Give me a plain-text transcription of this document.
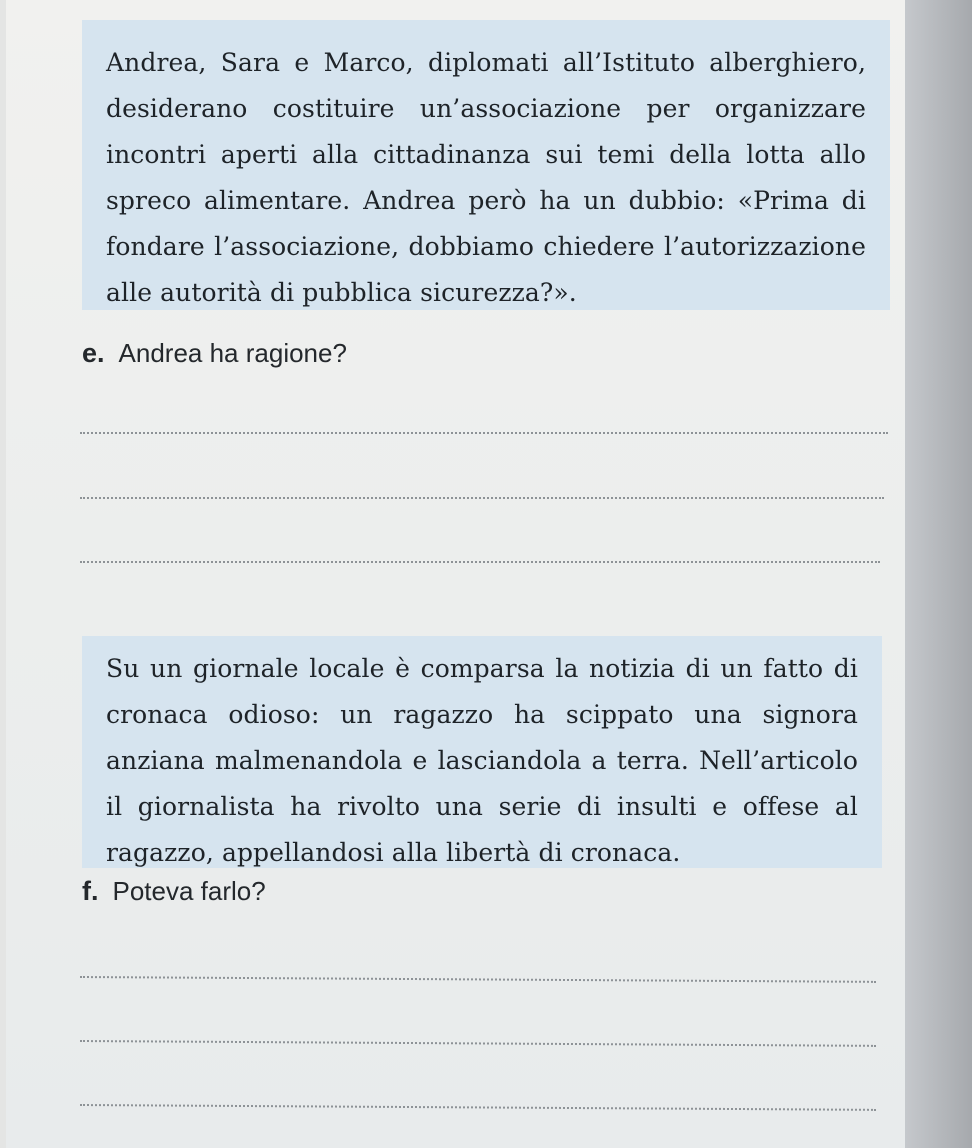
Andrea, Sara e Marco, diplomati all’Istituto alberghiero, desiderano costituire un’associazione per organizzare incontri aperti alla cittadinanza sui temi della lotta allo spreco alimentare. Andrea però ha un dubbio: «Prima di fondare l’associazione, dobbiamo chiedere l’autorizzazione alle autorità di pubblica sicurezza?».

e. Andrea ha ragione?

Su un giornale locale è comparsa la notizia di un fatto di cronaca odioso: un ragazzo ha scippato una signora anziana malmenandola e lasciandola a terra. Nell’articolo il giornalista ha rivolto una serie di insulti e offese al ragazzo, appellandosi alla libertà di cronaca.

f. Poteva farlo?
